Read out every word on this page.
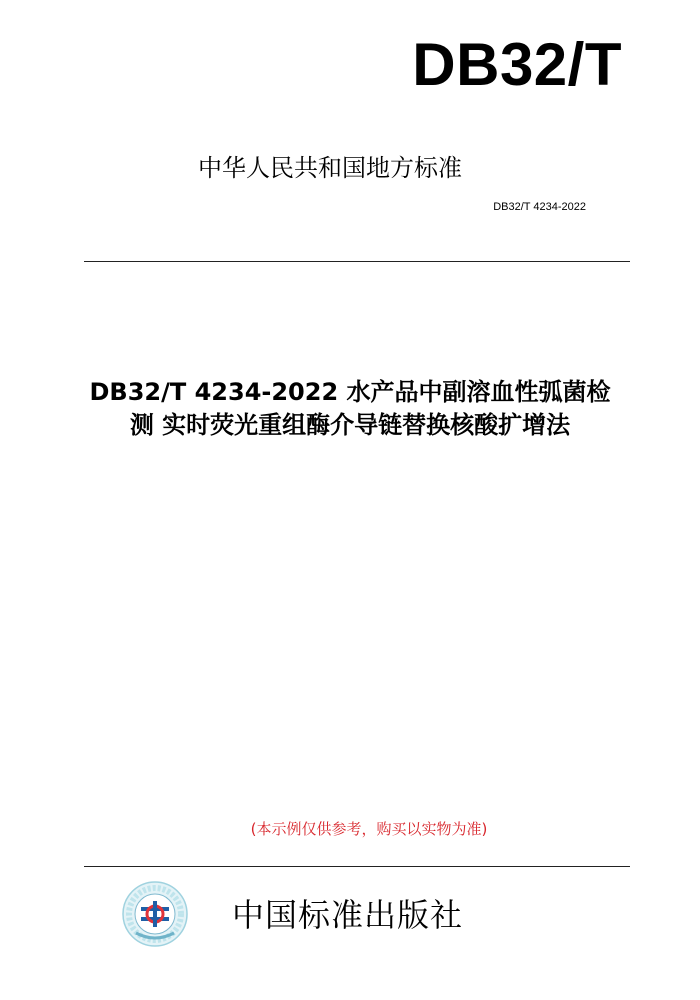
DB32/T
中华人民共和国地方标准
DB32/T 4234-2022
DB32/T 4234-2022 水产品中副溶血性弧菌检
测 实时荧光重组酶介导链替换核酸扩增法
(本示例仅供参考，购买以实物为准)
中国标准出版社
